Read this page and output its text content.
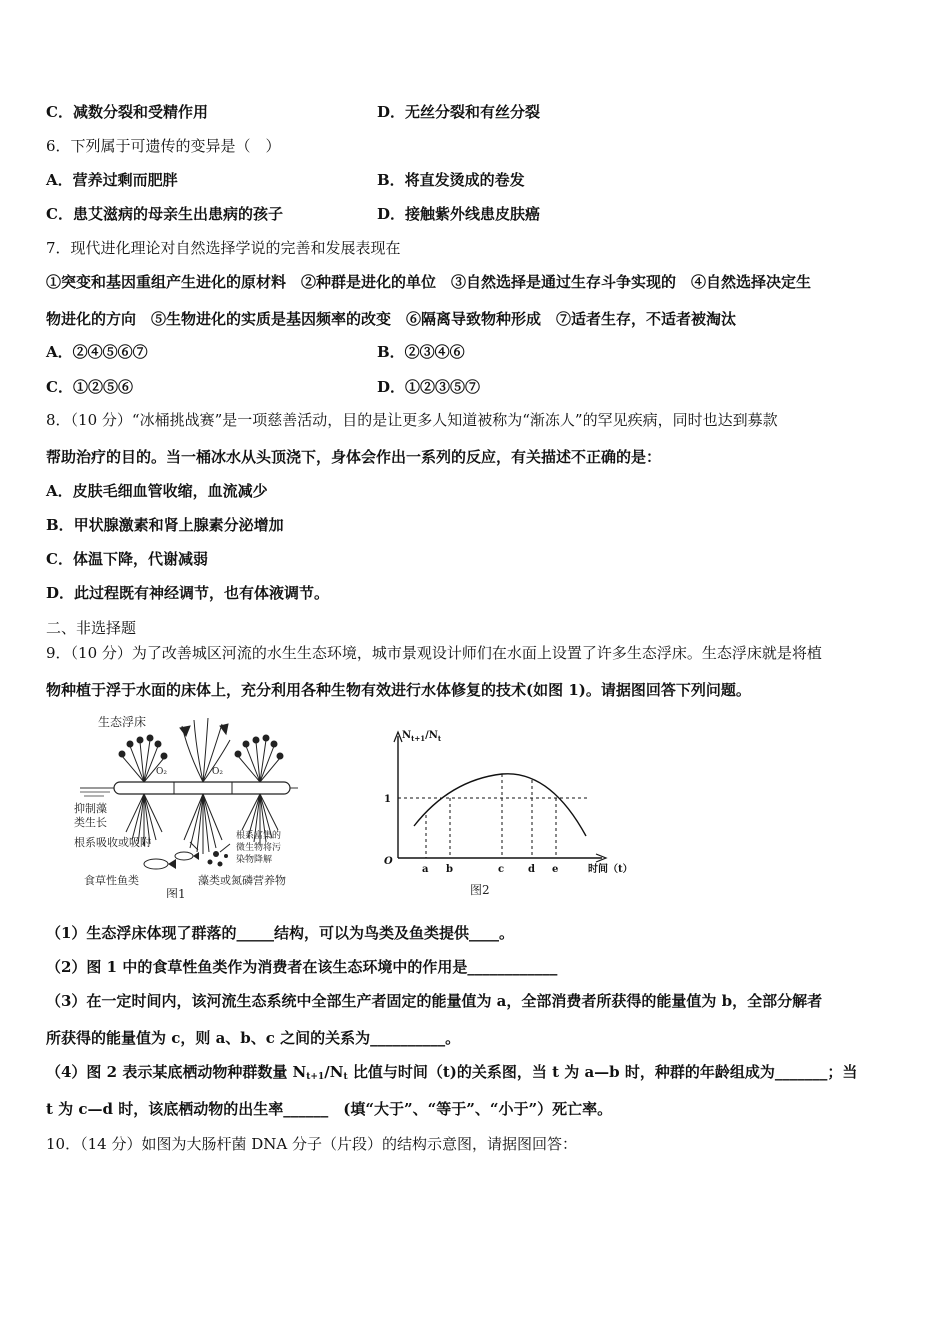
C．减数分裂和受精作用	D．无丝分裂和有丝分裂
6．下列属于可遗传的变异是（　）
A．营养过剩而肥胖	B．将直发烫成的卷发
C．患艾滋病的母亲生出患病的孩子	D．接触紫外线患皮肤癌
7．现代进化理论对自然选择学说的完善和发展表现在
①突变和基因重组产生进化的原材料　②种群是进化的单位　③自然选择是通过生存斗争实现的　④自然选择决定生
物进化的方向　⑤生物进化的实质是基因频率的改变　⑥隔离导致物种形成　⑦适者生存，不适者被淘汰
A．②④⑤⑥⑦	B．②③④⑥
C．①②⑤⑥	D．①②③⑤⑦
8．（10 分）“冰桶挑战赛”是一项慈善活动，目的是让更多人知道被称为“渐冻人”的罕见疾病，同时也达到募款
帮助治疗的目的。当一桶冰水从头顶浇下，身体会作出一系列的反应，有关描述不正确的是：
A．皮肤毛细血管收缩，血流减少
B．甲状腺激素和肾上腺素分泌增加
C．体温下降，代谢减弱
D．此过程既有神经调节，也有体液调节。
二、非选择题
9．（10 分）为了改善城区河流的水生生态环境，城市景观设计师们在水面上设置了许多生态浮床。生态浮床就是将植
物种植于浮于水面的床体上，充分利用各种生物有效进行水体修复的技术(如图 1)。请据图回答下列问题。
生态浮床
O₂	O₂
抑制藻
类生长
根系吸收或吸附	根系富集的
微生物将污
染物降解
食草性鱼类	藻类或氮磷营养物
图1
$N_{t+1}/N_t$
O
1
a b	c d e	时间（t）
图2
（1）生态浮床体现了群落的_____结构，可以为鸟类及鱼类提供____。
（2）图 1 中的食草性鱼类作为消费者在该生态环境中的作用是____________
（3）在一定时间内，该河流生态系统中全部生产者固定的能量值为 a，全部消费者所获得的能量值为 b，全部分解者
所获得的能量值为 c，则 a、b、c 之间的关系为__________。
（4）图 2 表示某底栖动物种群数量 $N_{t+1}/N_t$ 比值与时间（t)的关系图，当 t 为 a—b 时，种群的年龄组成为_______；当
t 为 c—d 时，该底栖动物的出生率______　(填“大于”、“等于”、“小于”）死亡率。
10．（14 分）如图为大肠杆菌 DNA 分子（片段）的结构示意图，请据图回答：
